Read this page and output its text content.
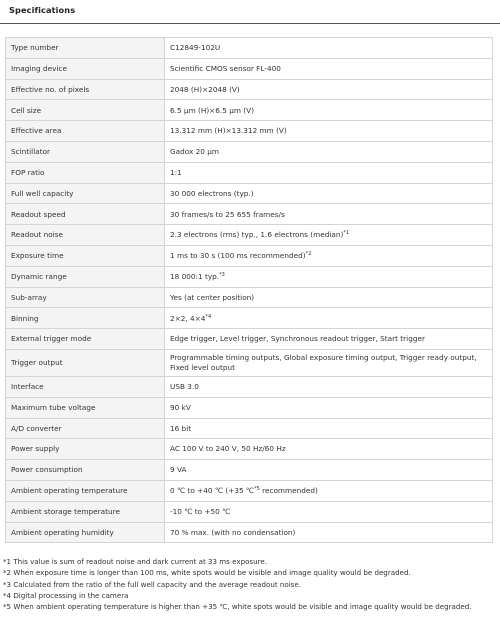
Specifications
Type number	C12849-102U
Imaging device	Scientific CMOS sensor FL-400
Effective no. of pixels	2048 (H)×2048 (V)
Cell size	6.5 μm (H)×6.5 μm (V)
Effective area	13.312 mm (H)×13.312 mm (V)
Scintillator	Gadox 20 μm
FOP ratio	1:1
Full well capacity	30 000 electrons (typ.)
Readout speed	30 frames/s to 25 655 frames/s
Readout noise	2.3 electrons (rms) typ., 1.6 electrons (median)$^{*1}$
Exposure time	1 ms to 30 s (100 ms recommended)$^{*2}$
Dynamic range	18 000:1 typ.$^{*3}$
Sub-array	Yes (at center position)
Binning	2×2, $4\times 4^{*4}$
External trigger mode	Edge trigger, Level trigger, Synchronous readout trigger, Start trigger
Trigger output	Programmable timing outputs, Global exposure timing output, Trigger ready output, Fixed level output
Interface	USB 3.0
Maximum tube voltage	90 kV
A/D converter	16 bit
Power supply	AC 100 V to 240 V, 50 Hz/60 Hz
Power consumption	9 VA
Ambient operating temperature	0 ℃ to +40 ℃ (+35 ℃$^{*5}$ recommended)
Ambient storage temperature	-10 ℃ to +50 ℃
Ambient operating humidity	70 % max. (with no condensation)
*1 This value is sum of readout noise and dark current at 33 ms exposure.
*2 When exposure time is longer than 100 ms, white spots would be visible and image quality would be degraded.
*3 Calculated from the ratio of the full well capacity and the average readout noise.
*4 Digital processing in the camera
*5 When ambient operating temperature is higher than +35 ℃, white spots would be visible and image quality would be degraded.
